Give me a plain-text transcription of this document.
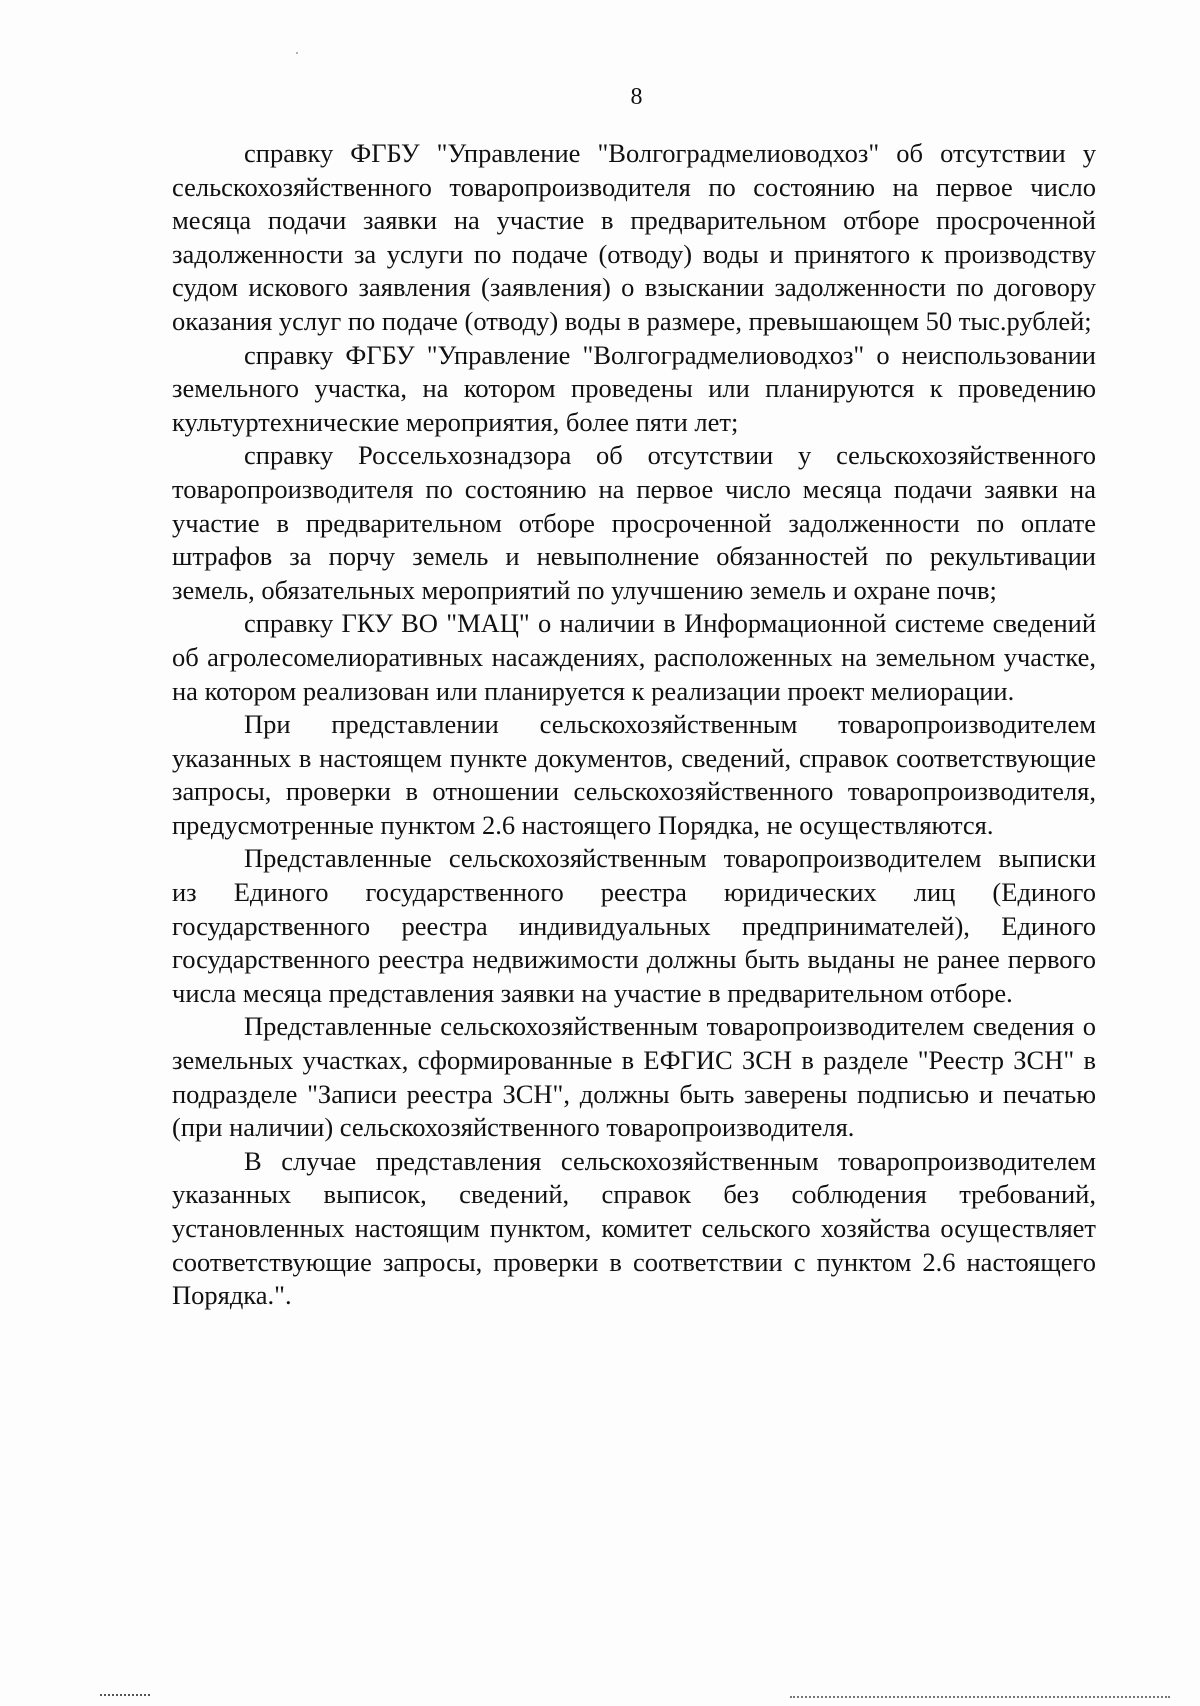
8

справку ФГБУ "Управление "Волгоградмелиоводхоз" об отсутствии у сельскохозяйственного товаропроизводителя по состоянию на первое число месяца подачи заявки на участие в предварительном отборе просроченной задолженности за услуги по подаче (отводу) воды и принятого к производству судом искового заявления (заявления) о взыскании задолженности по договору оказания услуг по подаче (отводу) воды в размере, превышающем 50 тыс.рублей;

справку ФГБУ "Управление "Волгоградмелиоводхоз" о неиспользовании земельного участка, на котором проведены или планируются к проведению культуртехнические мероприятия, более пяти лет;

справку Россельхознадзора об отсутствии у сельскохозяйственного товаропроизводителя по состоянию на первое число месяца подачи заявки на участие в предварительном отборе просроченной задолженности по оплате штрафов за порчу земель и невыполнение обязанностей по рекультивации земель, обязательных мероприятий по улучшению земель и охране почв;

справку ГКУ ВО "МАЦ" о наличии в Информационной системе сведений об агролесомелиоративных насаждениях, расположенных на земельном участке, на котором реализован или планируется к реализации проект мелиорации.

При представлении сельскохозяйственным товаропроизводителем указанных в настоящем пункте документов, сведений, справок соответствующие запросы, проверки в отношении сельскохозяйственного товаропроизводителя, предусмотренные пунктом 2.6 настоящего Порядка, не осуществляются.

Представленные сельскохозяйственным товаропроизводителем выписки из Единого государственного реестра юридических лиц (Единого государственного реестра индивидуальных предпринимателей), Единого государственного реестра недвижимости должны быть выданы не ранее первого числа месяца представления заявки на участие в предварительном отборе.

Представленные сельскохозяйственным товаропроизводителем сведения о земельных участках, сформированные в ЕФГИС ЗСН в разделе "Реестр ЗСН" в подразделе "Записи реестра ЗСН", должны быть заверены подписью и печатью (при наличии) сельскохозяйственного товаропроизводителя.

В случае представления сельскохозяйственным товаропроизводителем указанных выписок, сведений, справок без соблюдения требований, установленных настоящим пунктом, комитет сельского хозяйства осуществляет соответствующие запросы, проверки в соответствии с пунктом 2.6 настоящего Порядка.".
